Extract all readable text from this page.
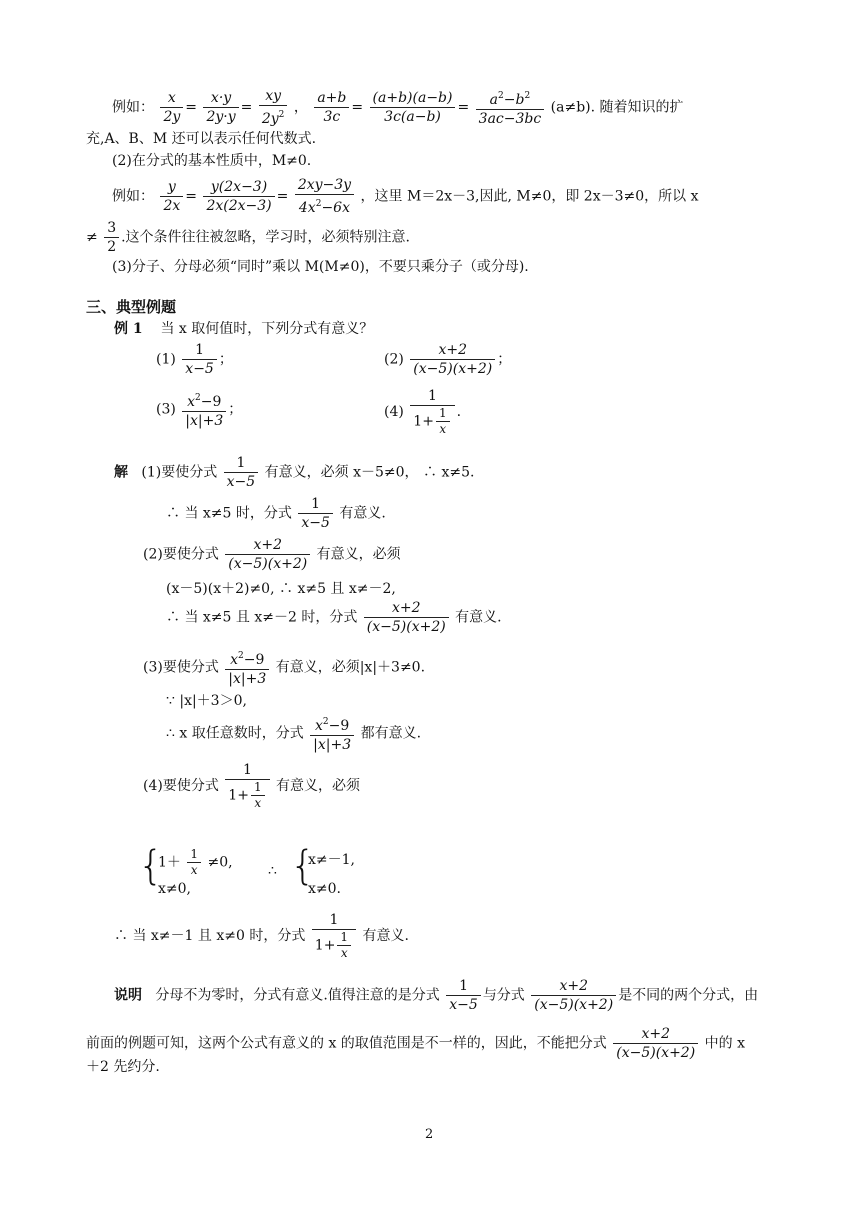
例如： $\frac{x}{2y} = \frac{x\cdot y}{2y\cdot y} = \frac{xy}{2y^2}$ ， $\frac{a+b}{3c} = \frac{(a+b)(a-b)}{3c(a-b)} = \frac{a^2-b^2}{3ac-3bc} (a\ne b)$. 随着知识的扩
充,A、B、M 还可以表示任何代数式.
(2)在分式的基本性质中，M≠0.
例如： $\frac{y}{2x} = \frac{y(2x-3)}{2x(2x-3)} = \frac{2xy-3y}{4x^2-6x}$ ，这里 M＝2x－3,因此, M≠0，即 2x－3≠0，所以 x
≠ $\frac{3}{2}$ .这个条件往往被忽略，学习时，必须特别注意.
(3)分子、分母必须“同时”乘以 M(M≠0)，不要只乘分子（或分母).
三、典型例题
例 1 当 x 取何值时，下列分式有意义？
$(1) \frac{1}{x-5}$ ；	$(2) \frac{x+2}{(x-5)(x+2)}$ ；
$(3) \frac{x^2-9}{|x|+3}$ ；	$(4) \frac{1}{1+ \frac{1}{x}}$ .
解 (1)要使分式 $\frac{1}{x-5}$ 有意义，必须 x－5≠0， ∴ x≠5.
∴ 当 x≠5 时，分式 $\frac{1}{x-5}$ 有意义.
(2)要使分式 $\frac{x+2}{(x-5)(x+2)}$ 有意义，必须
(x－5)(x＋2)≠0, ∴ x≠5 且 x≠－2,
∴ 当 x≠5 且 x≠－2 时，分式 $\frac{x+2}{(x-5)(x+2)}$ 有意义.
(3)要使分式 $\frac{x^2-9}{|x|+3}$ 有意义，必须|x|＋3≠0.
∵ |x|＋3＞0,
∴ x 取任意数时，分式 $\frac{x^2-9}{|x|+3}$ 都有意义.
(4)要使分式 $\frac{1}{1+ \frac{1}{x}}$ 有意义，必须
{
$1+ \frac{1}{x} \ne 0$,
x≠0,
∴ {
x≠－1,
x≠0.
∴ 当 x≠－1 且 x≠0 时，分式 $\frac{1}{1+ \frac{1}{x}}$ 有意义.
说明 分母不为零时，分式有意义.值得注意的是分式 $\frac{1}{x-5}$ 与分式 $\frac{x+2}{(x-5)(x+2)}$ 是不同的两个分式，由
前面的例题可知，这两个公式有意义的 x 的取值范围是不一样的，因此，不能把分式 $\frac{x+2}{(x-5)(x+2)}$ 中的 x
＋2 先约分.
2
